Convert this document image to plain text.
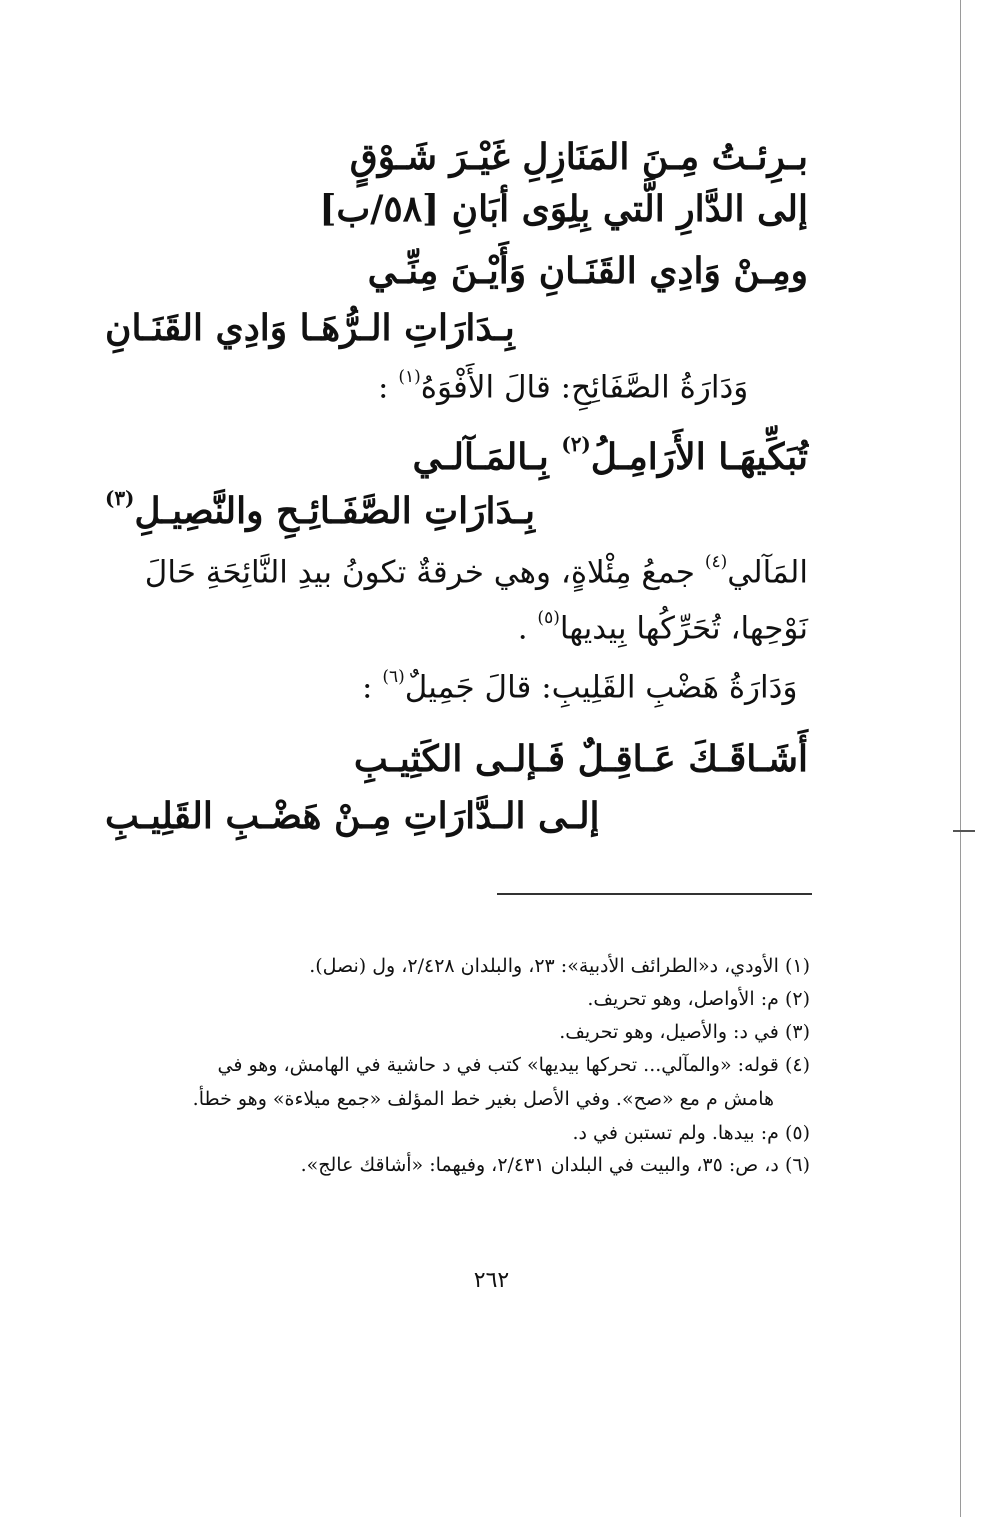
بـرِئـتُ مِـنَ المَنَازِلِ غَيْـرَ شَـوْقٍ
إلى الدَّارِ الَّتي بِلِوَى أبَانِ [٥٨/ب]
ومِـنْ وَادِي القَنَـانِ وَأَيْـنَ مِنِّـي
بِـدَارَاتِ الـرُّهَـا وَادِي القَنَـانِ
وَدَارَةُ الصَّفَائِحِ: قالَ الأَفْوَهُ$^{(١)}$ :
تُبَكِّيهَـا الأَرَامِـلُ$^{(٢)}$ بِـالمَـآلـي
بِـدَارَاتِ الصَّفَـائِـحِ والنَّصِيـلِ$^{(٣)}$
المَآلي$^{(٤)}$ جمعُ مِئْلاةٍ، وهي خرقةٌ تكونُ بيدِ النَّائِحَةِ حَالَ
نَوْحِها، تُحَرِّكُها بِيديها$^{(٥)}$ .
وَدَارَةُ هَضْبِ القَلِيبِ: قالَ جَمِيلٌ$^{(٦)}$ :
أَشَـاقَـكَ عَـاقِـلٌ فَـإلـى الكَثِيـبِ
إلـى الـدَّارَاتِ مِـنْ هَضْـبِ القَلِيـبِ
(١) الأودي، د«الطرائف الأدبية»: ٢٣، والبلدان ٢/٤٢٨، ول (نصل).
(٢) م: الأواصل، وهو تحريف.
(٣) في د: والأصيل، وهو تحريف.
(٤) قوله: «والمآلي... تحركها بيديها» كتب في د حاشية في الهامش، وهو في
هامش م مع «صح». وفي الأصل بغير خط المؤلف «جمع ميلاءة» وهو خطأ.
(٥) م: بيدها. ولم تستبن في د.
(٦) د، ص: ٣٥، والبيت في البلدان ٢/٤٣١، وفيهما: «أشاقك عالج».
٢٦٢
